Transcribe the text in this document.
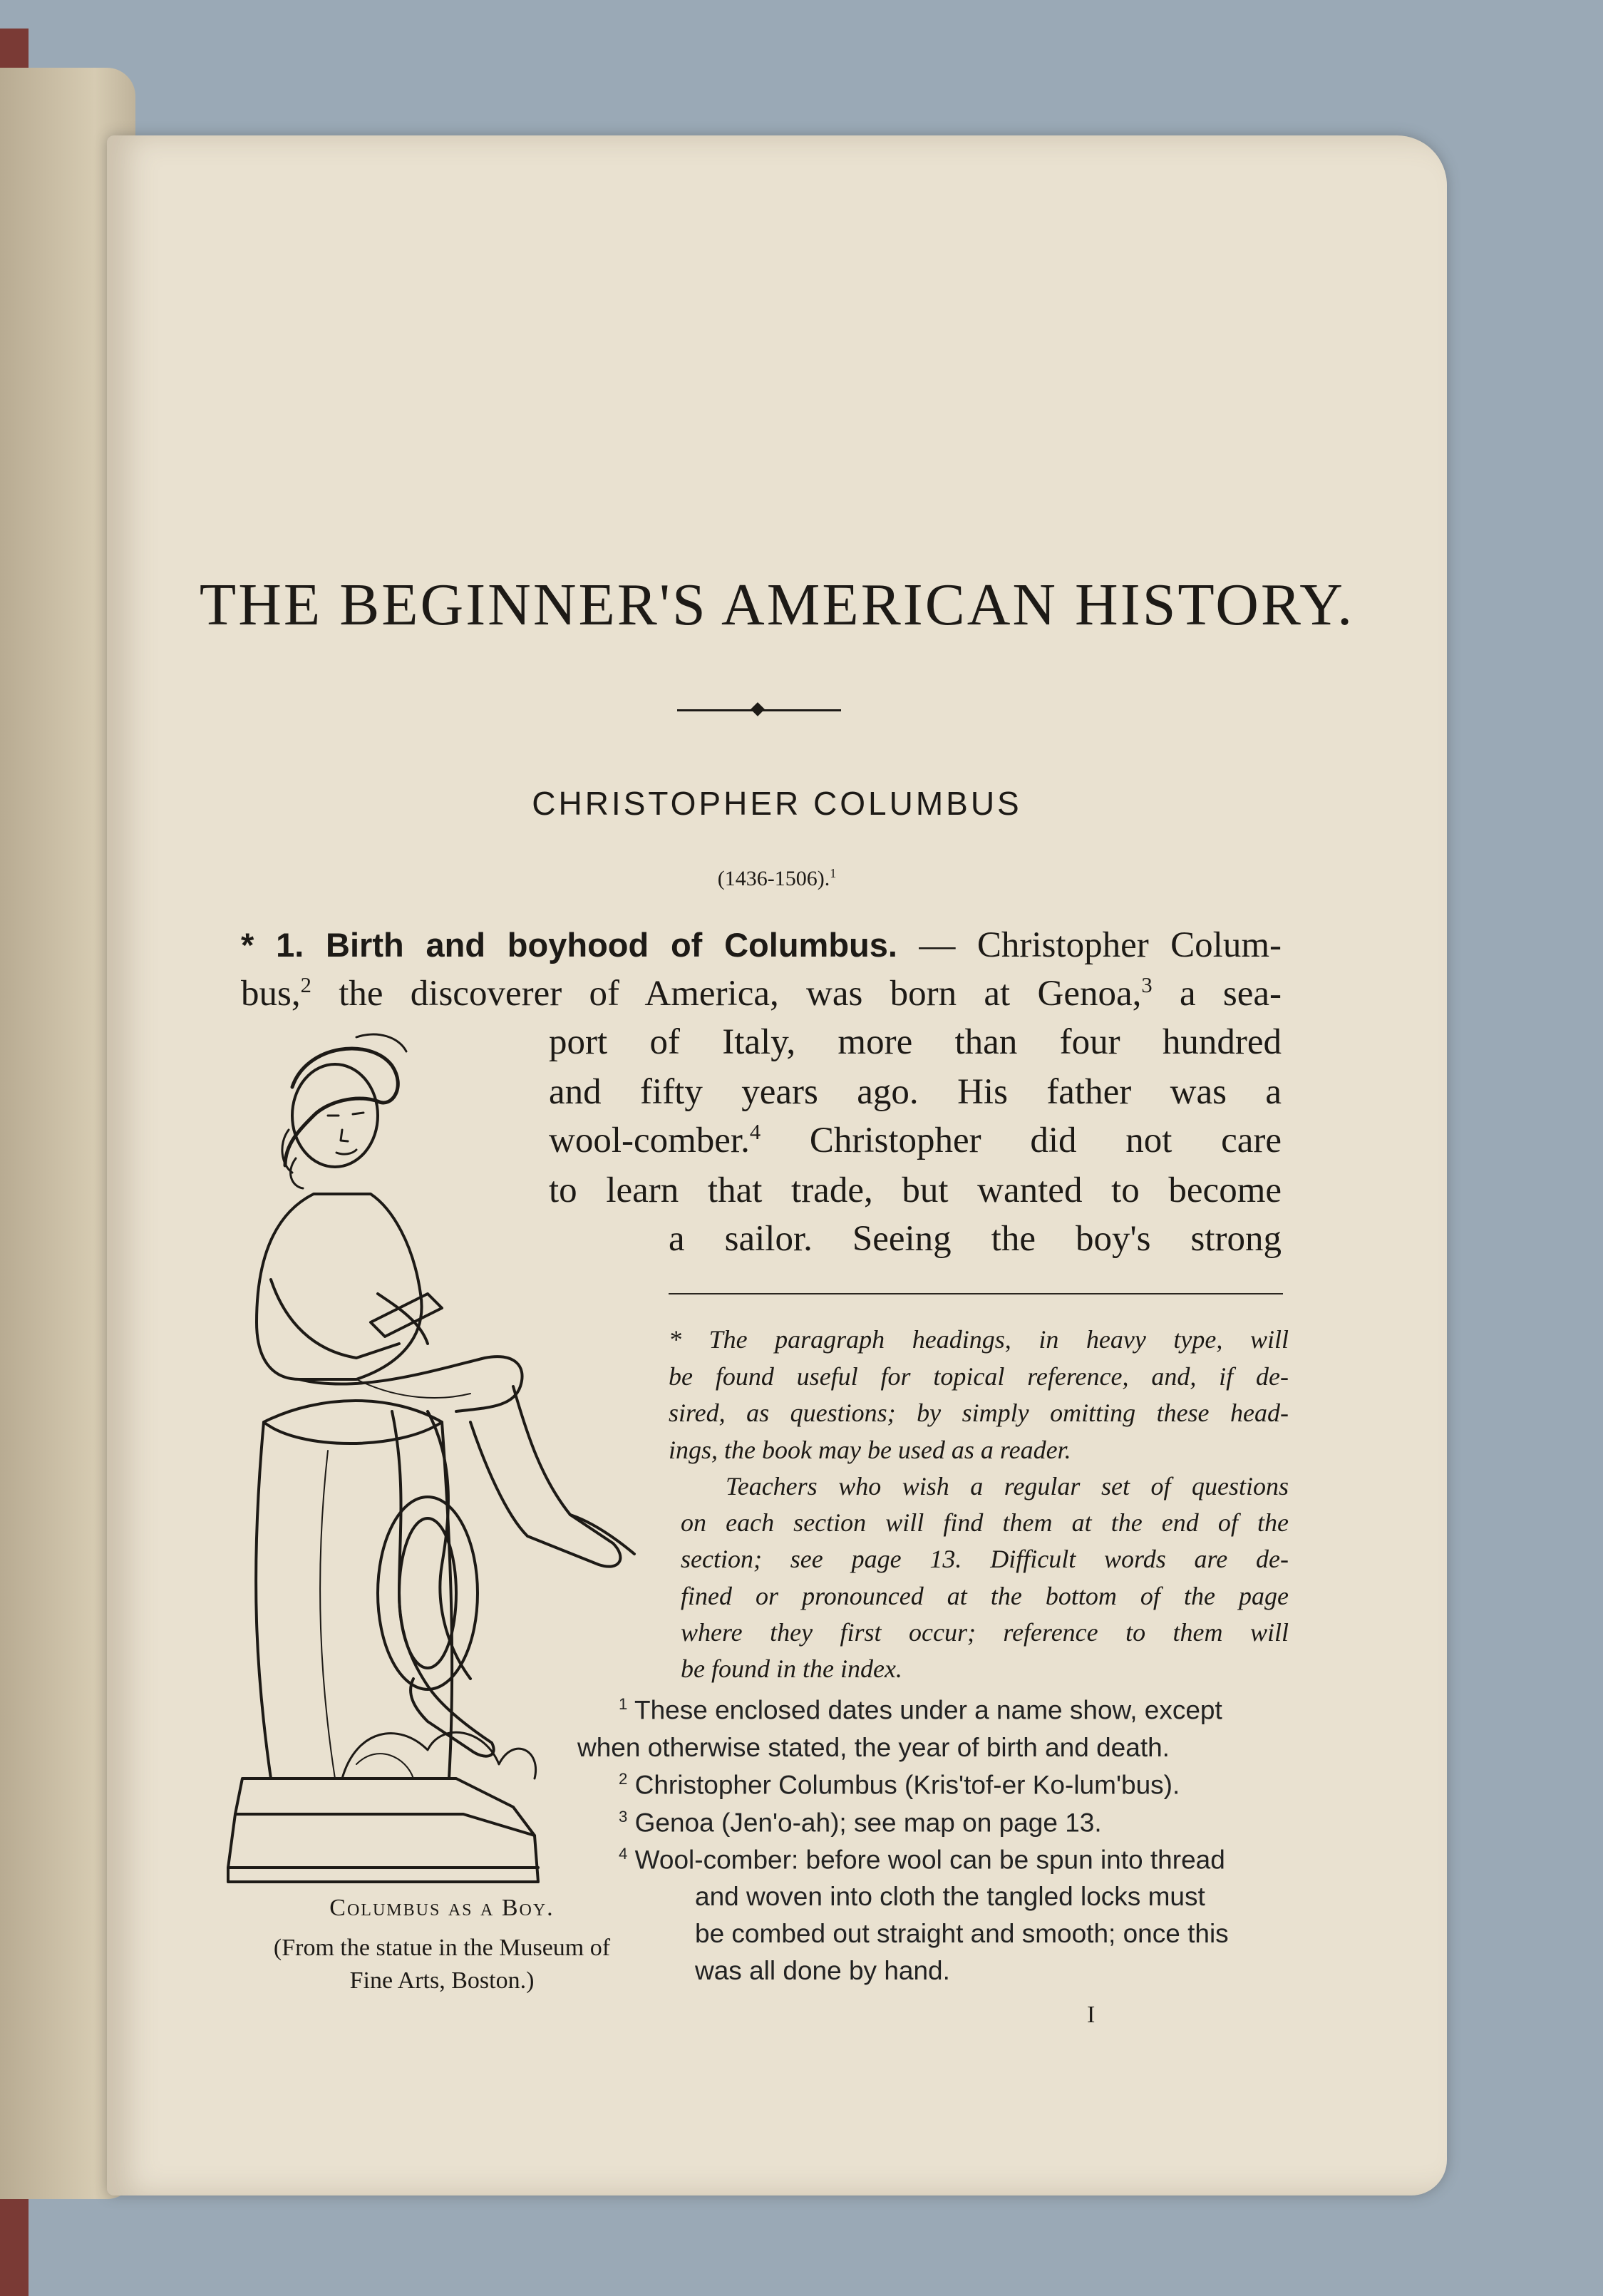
THE BEGINNER'S AMERICAN HISTORY.
CHRISTOPHER COLUMBUS
(1436-1506).$^1$
* 1. Birth and boyhood of Columbus. — Christopher Colum-
bus,$^2$ the discoverer of America, was born at Genoa,$^3$ a sea-
port of Italy, more than four hundred
and fifty years ago. His father was a
wool-comber.$^4$ Christopher did not care
to learn that trade, but wanted to become
a sailor. Seeing the boy's strong
* The paragraph headings, in heavy type, will
be found useful for topical reference, and, if de-
sired, as questions; by simply omitting these head-
ings, the book may be used as a reader.
Teachers who wish a regular set of questions
on each section will find them at the end of the
section; see page 13. Difficult words are de-
fined or pronounced at the bottom of the page
where they first occur; reference to them will
be found in the index.
$^1$ These enclosed dates under a name show, except
when otherwise stated, the year of birth and death.
$^2$ Christopher Columbus (Kris'tof-er Ko-lum'bus).
$^3$ Genoa (Jen'o-ah); see map on page 13.
$^4$ Wool-comber: before wool can be spun into thread
and woven into cloth the tangled locks must
be combed out straight and smooth; once this
was all done by hand.
Columbus as a Boy.
(From the statue in the Museum of
Fine Arts, Boston.)
I
